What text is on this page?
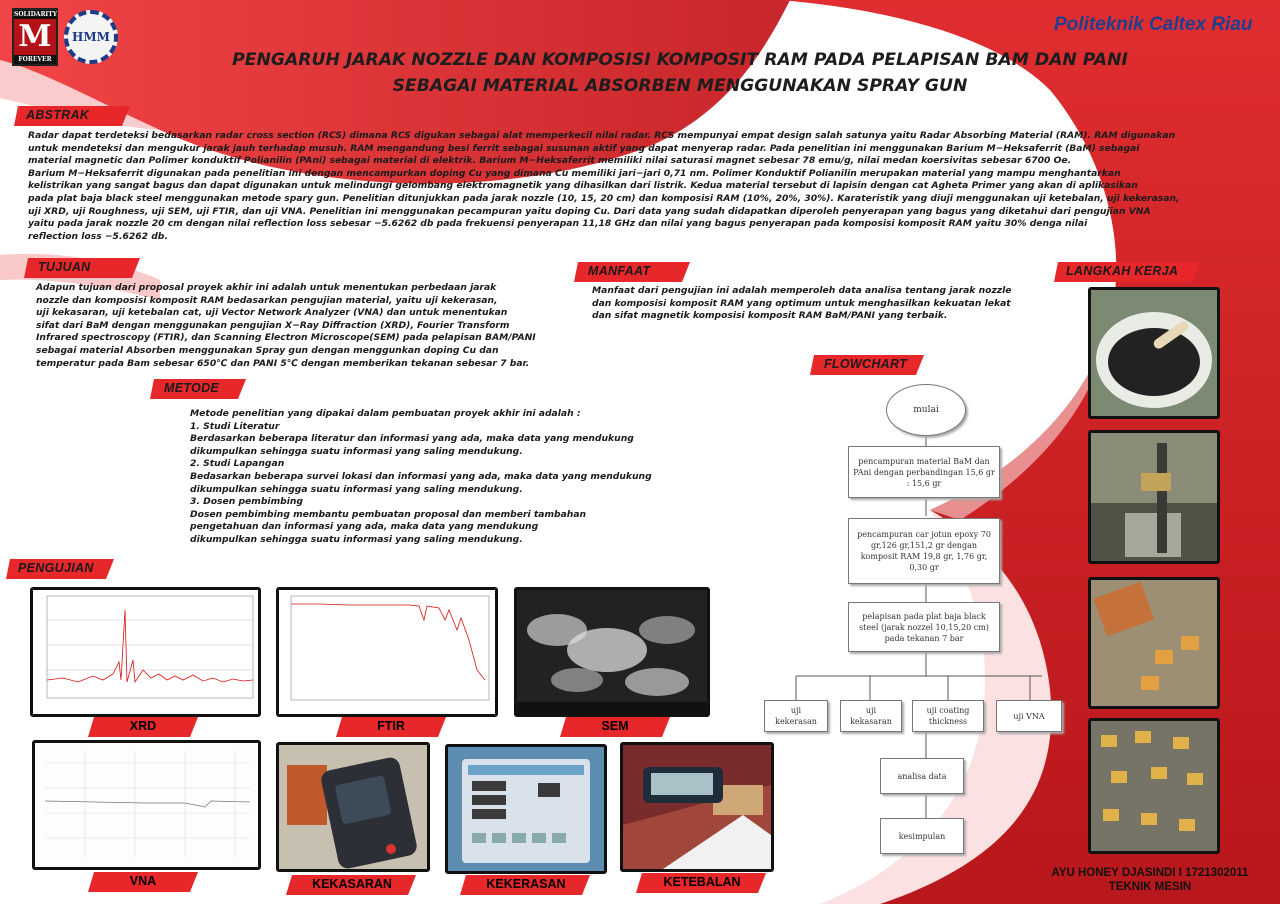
SOLIDARITY
M
FOREVER
HMM
Politeknik Caltex Riau
PENGARUH JARAK NOZZLE DAN KOMPOSISI KOMPOSIT RAM PADA PELAPISAN BAM DAN PANI
SEBAGAI MATERIAL ABSORBEN MENGGUNAKAN SPRAY GUN
ABSTRAK

Radar dapat terdeteksi bedasarkan radar cross section (RCS) dimana RCS digukan sebagai alat memperkecil nilai radar. RCS mempunyai empat design salah satunya yaitu Radar Absorbing Material (RAM). RAM digunakan

untuk mendeteksi dan mengukur jarak jauh terhadap musuh. RAM mengandung besi ferrit sebagai susunan aktif yang dapat menyerap radar. Pada penelitian ini menggunakan Barium M−Heksaferrit (BaM) sebagai

material magnetic dan Polimer konduktif Polianilin (PAni) sebagai material di elektrik. Barium M−Heksaferrit memiliki nilai saturasi magnet sebesar 78 emu/g, nilai medan koersivitas sebesar 6700 Oe.

Barium M−Heksaferrit digunakan pada penelitian ini dengan mencampurkan doping Cu yang dimana Cu memiliki jari−jari 0,71 nm. Polimer Konduktif Polianilin merupakan material yang mampu menghantarkan

kelistrikan yang sangat bagus dan dapat digunakan untuk melindungi gelombang elektromagnetik yang dihasilkan dari listrik. Kedua material tersebut di lapisin dengan cat Agheta Primer yang akan di aplikasikan

pada plat baja black steel menggunakan metode spary gun. Penelitian ditunjukkan pada jarak nozzle (10, 15, 20 cm) dan komposisi RAM (10%, 20%, 30%). Karateristik yang diuji menggunakan uji ketebalan, uji kekerasan,

uji XRD, uji Roughness, uji SEM, uji FTIR, dan uji VNA. Penelitian ini menggunakan pecampuran yaitu doping Cu. Dari data yang sudah didapatkan diperoleh penyerapan yang bagus yang diketahui dari pengujian VNA

yaitu pada jarak nozzle 20 cm dengan nilai reflection loss sebesar −5.6262 db pada frekuensi penyerapan 11,18 GHz dan nilai yang bagus penyerapan pada komposisi komposit RAM yaitu 30% denga nilai

reflection loss −5.6262 db.

TUJUAN

Adapun tujuan dari proposal proyek akhir ini adalah untuk menentukan perbedaan jarak

nozzle dan komposisi komposit RAM bedasarkan pengujian material, yaitu uji kekerasan,

uji kekasaran, uji ketebalan cat, uji Vector Network Analyzer (VNA) dan untuk menentukan

sifat dari BaM dengan menggunakan pengujian X−Ray Diffraction (XRD), Fourier Transform

Infrared spectroscopy (FTIR), dan Scanning Electron Microscope(SEM) pada pelapisan BAM/PANI

sebagai material Absorben menggunakan Spray gun dengan menggunkan doping Cu dan

temperatur pada Bam sebesar 650℃ dan PANI 5℃ dengan memberikan tekanan sebesar 7 bar.

MANFAAT

Manfaat dari pengujian ini adalah memperoleh data analisa tentang jarak nozzle

dan komposisi komposit RAM yang optimum untuk menghasilkan kekuatan lekat

dan sifat magnetik komposisi komposit RAM BaM/PANI yang terbaik.

METODE

Metode penelitian yang dipakai dalam pembuatan proyek akhir ini adalah :

1. Studi Literatur

Berdasarkan beberapa literatur dan informasi yang ada, maka data yang mendukung

dikumpulkan sehingga suatu informasi yang saling mendukung.

2. Studi Lapangan

Bedasarkan beberapa survei lokasi dan informasi yang ada, maka data yang mendukung

dikumpulkan sehingga suatu informasi yang saling mendukung.

3. Dosen pembimbing

Dosen pembimbing membantu pembuatan proposal dan memberi tambahan

pengetahuan dan informasi yang ada, maka data yang mendukung

dikumpulkan sehingga suatu informasi yang saling mendukung.

PENGUJIAN
XRD	FTIR	SEM
VNA	KEKASARAN	KEKERASAN	KETEBALAN
FLOWCHART
mulai
pencampuran material BaM dan PAni dengan perbandingan 15,6 gr : 15,6 gr
pencampuran car jotun epoxy 70 gr,126 gr,151,2 gr dengan komposit RAM 19,8 gr, 1,76 gr, 0,30 gr
pelapisan pada plat baja black steel (jarak nozzel 10,15,20 cm) pada tekanan 7 bar
uji kekerasan
uji kekasaran
uji coating thickness
uji VNA
analisa data
kesimpulan
LANGKAH KERJA
AYU HONEY DJASINDI I 1721302011
TEKNIK MESIN
